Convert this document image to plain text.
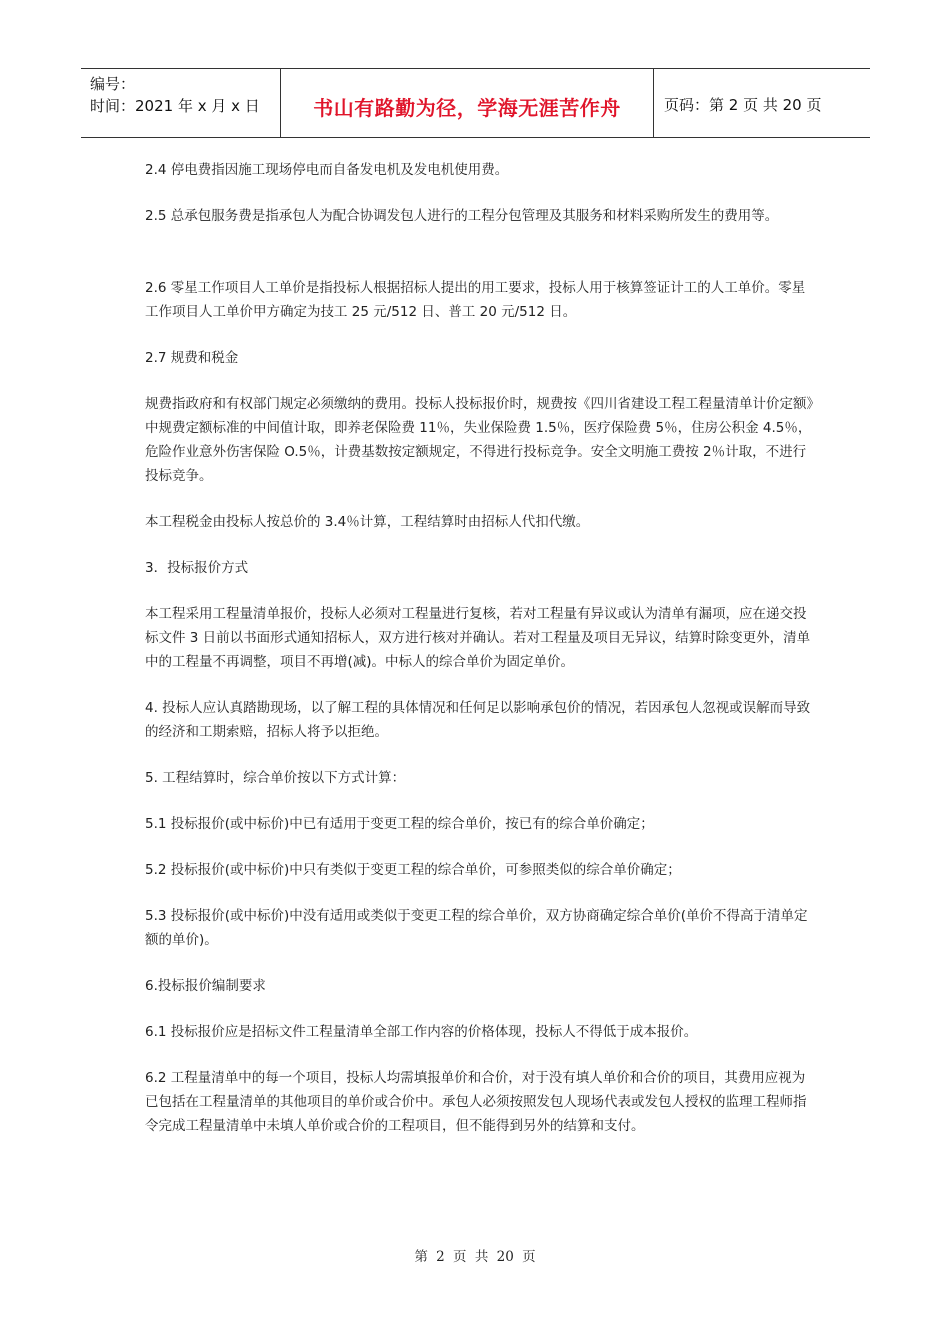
编号：
时间：2021 年 x 月 x 日	书山有路勤为径，学海无涯苦作舟	页码：第 2 页 共 20 页

2.4 停电费指因施工现场停电而自备发电机及发电机使用费。

2.5 总承包服务费是指承包人为配合协调发包人进行的工程分包管理及其服务和材料采购所发生的费用等。

2.6 零星工作项目人工单价是指投标人根据招标人提出的用工要求，投标人用于核算签证计工的人工单价。零星工作项目人工单价甲方确定为技工 25 元/512 日、普工 20 元/512 日。

2.7 规费和税金

规费指政府和有权部门规定必须缴纳的费用。投标人投标报价时，规费按《四川省建设工程工程量清单计价定额》中规费定额标准的中间值计取，即养老保险费 11％，失业保险费 1.5％，医疗保险费 5％，住房公积金 4.5％，危险作业意外伤害保险 O.5％，计费基数按定额规定，不得进行投标竞争。安全文明施工费按 2％计取，不进行投标竞争。

本工程税金由投标人按总价的 3.4％计算，工程结算时由招标人代扣代缴。

3．投标报价方式

本工程采用工程量清单报价，投标人必须对工程量进行复核，若对工程量有异议或认为清单有漏项，应在递交投标文件 3 日前以书面形式通知招标人，双方进行核对并确认。若对工程量及项目无异议，结算时除变更外，清单中的工程量不再调整，项目不再增(减)。中标人的综合单价为固定单价。

4. 投标人应认真踏勘现场，以了解工程的具体情况和任何足以影响承包价的情况，若因承包人忽视或误解而导致的经济和工期索赔，招标人将予以拒绝。

5. 工程结算时，综合单价按以下方式计算：

5.1 投标报价(或中标价)中已有适用于变更工程的综合单价，按已有的综合单价确定；

5.2 投标报价(或中标价)中只有类似于变更工程的综合单价，可参照类似的综合单价确定；

5.3 投标报价(或中标价)中没有适用或类似于变更工程的综合单价，双方协商确定综合单价(单价不得高于清单定额的单价)。

6.投标报价编制要求

6.1 投标报价应是招标文件工程量清单全部工作内容的价格体现，投标人不得低于成本报价。

6.2 工程量清单中的每一个项目，投标人均需填报单价和合价，对于没有填人单价和合价的项目，其费用应视为已包括在工程量清单的其他项目的单价或合价中。承包人必须按照发包人现场代表或发包人授权的监理工程师指令完成工程量清单中未填人单价或合价的工程项目，但不能得到另外的结算和支付。

第 2 页 共 20 页
